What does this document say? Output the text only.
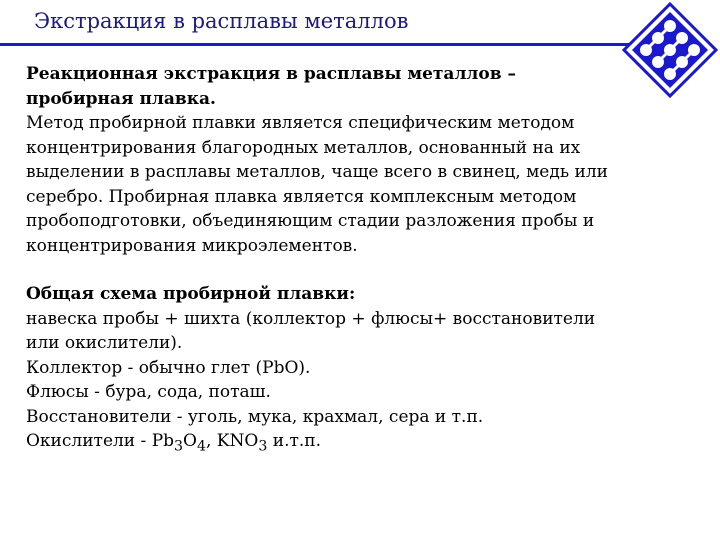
Экстракция в расплавы металлов

Реакционная экстракция в расплавы металлов –

пробирная плавка.

Метод пробирной плавки является специфическим методом

концентрирования благородных металлов, основанный на их

выделении в расплавы металлов, чаще всего в свинец, медь или

серебро. Пробирная плавка является комплексным методом

пробоподготовки, объединяющим стадии разложения пробы и

концентрирования микроэлементов.

Общая схема пробирной плавки:

навеска пробы + шихта (коллектор + флюсы+ восстановители

или окислители).

Коллектор - обычно глет (PbO).

Флюсы - бура, сода, поташ.

Восстановители - уголь, мука, крахмал, сера и т.п.

Окислители - $Pb_3O_4$, $KNO_3$ и.т.п.
